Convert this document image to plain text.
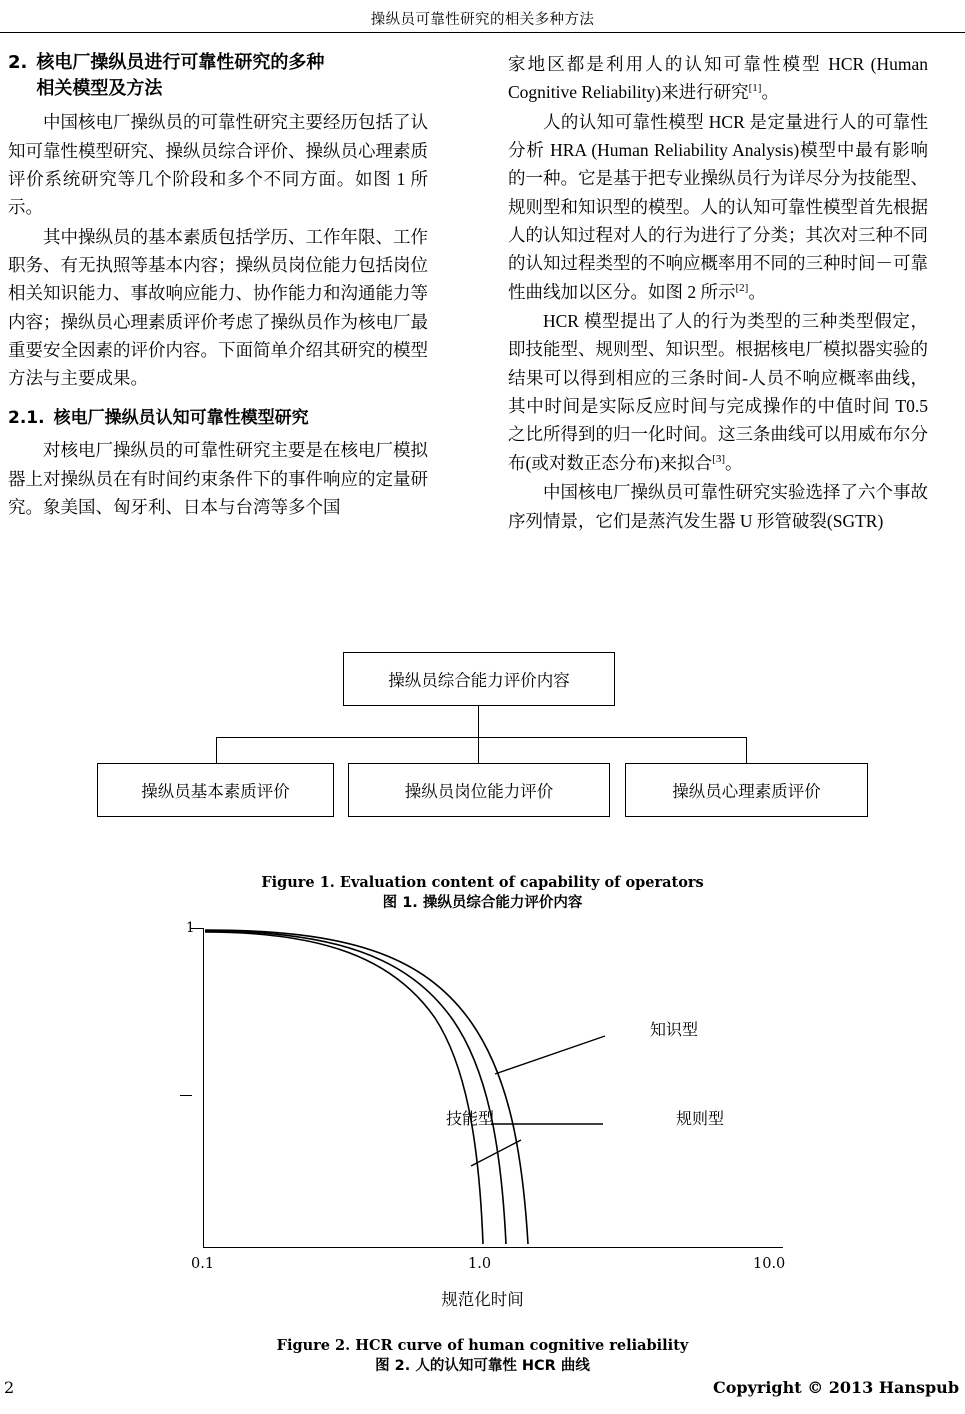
操纵员可靠性研究的相关多种方法
2. 核电厂操纵员进行可靠性研究的多种
相关模型及方法

中国核电厂操纵员的可靠性研究主要经历包括了认知可靠性模型研究、操纵员综合评价、操纵员心理素质评价系统研究等几个阶段和多个不同方面。如图 1 所示。

其中操纵员的基本素质包括学历、工作年限、工作职务、有无执照等基本内容；操纵员岗位能力包括岗位相关知识能力、事故响应能力、协作能力和沟通能力等内容；操纵员心理素质评价考虑了操纵员作为核电厂最重要安全因素的评价内容。下面简单介绍其研究的模型方法与主要成果。

2.1. 核电厂操纵员认知可靠性模型研究

对核电厂操纵员的可靠性研究主要是在核电厂模拟器上对操纵员在有时间约束条件下的事件响应的定量研究。象美国、匈牙利、日本与台湾等多个国

家地区都是利用人的认知可靠性模型 HCR (Human Cognitive Reliability)来进行研究[1]。

人的认知可靠性模型 HCR 是定量进行人的可靠性分析 HRA (Human Reliability Analysis)模型中最有影响的一种。它是基于把专业操纵员行为详尽分为技能型、规则型和知识型的模型。人的认知可靠性模型首先根据人的认知过程对人的行为进行了分类；其次对三种不同的认知过程类型的不响应概率用不同的三种时间－可靠性曲线加以区分。如图 2 所示[2]。

HCR 模型提出了人的行为类型的三种类型假定，即技能型、规则型、知识型。根据核电厂模拟器实验的结果可以得到相应的三条时间-人员不响应概率曲线，其中时间是实际反应时间与完成操作的中值时间 T0.5 之比所得到的归一化时间。这三条曲线可以用威布尔分布(或对数正态分布)来拟合[3]。

中国核电厂操纵员可靠性研究实验选择了六个事故序列情景，它们是蒸汽发生器 U 形管破裂(SGTR)

操纵员综合能力评价内容
操纵员基本素质评价	操纵员岗位能力评价	操纵员心理素质评价
Figure 1. Evaluation content of capability of operators
图 1. 操纵员综合能力评价内容
1
0.1	1.0	10.0
知识型
规则型
技能型
规范化时间
Figure 2. HCR curve of human cognitive reliability
图 2. 人的认知可靠性 HCR 曲线
2	Copyright © 2013 Hanspub
